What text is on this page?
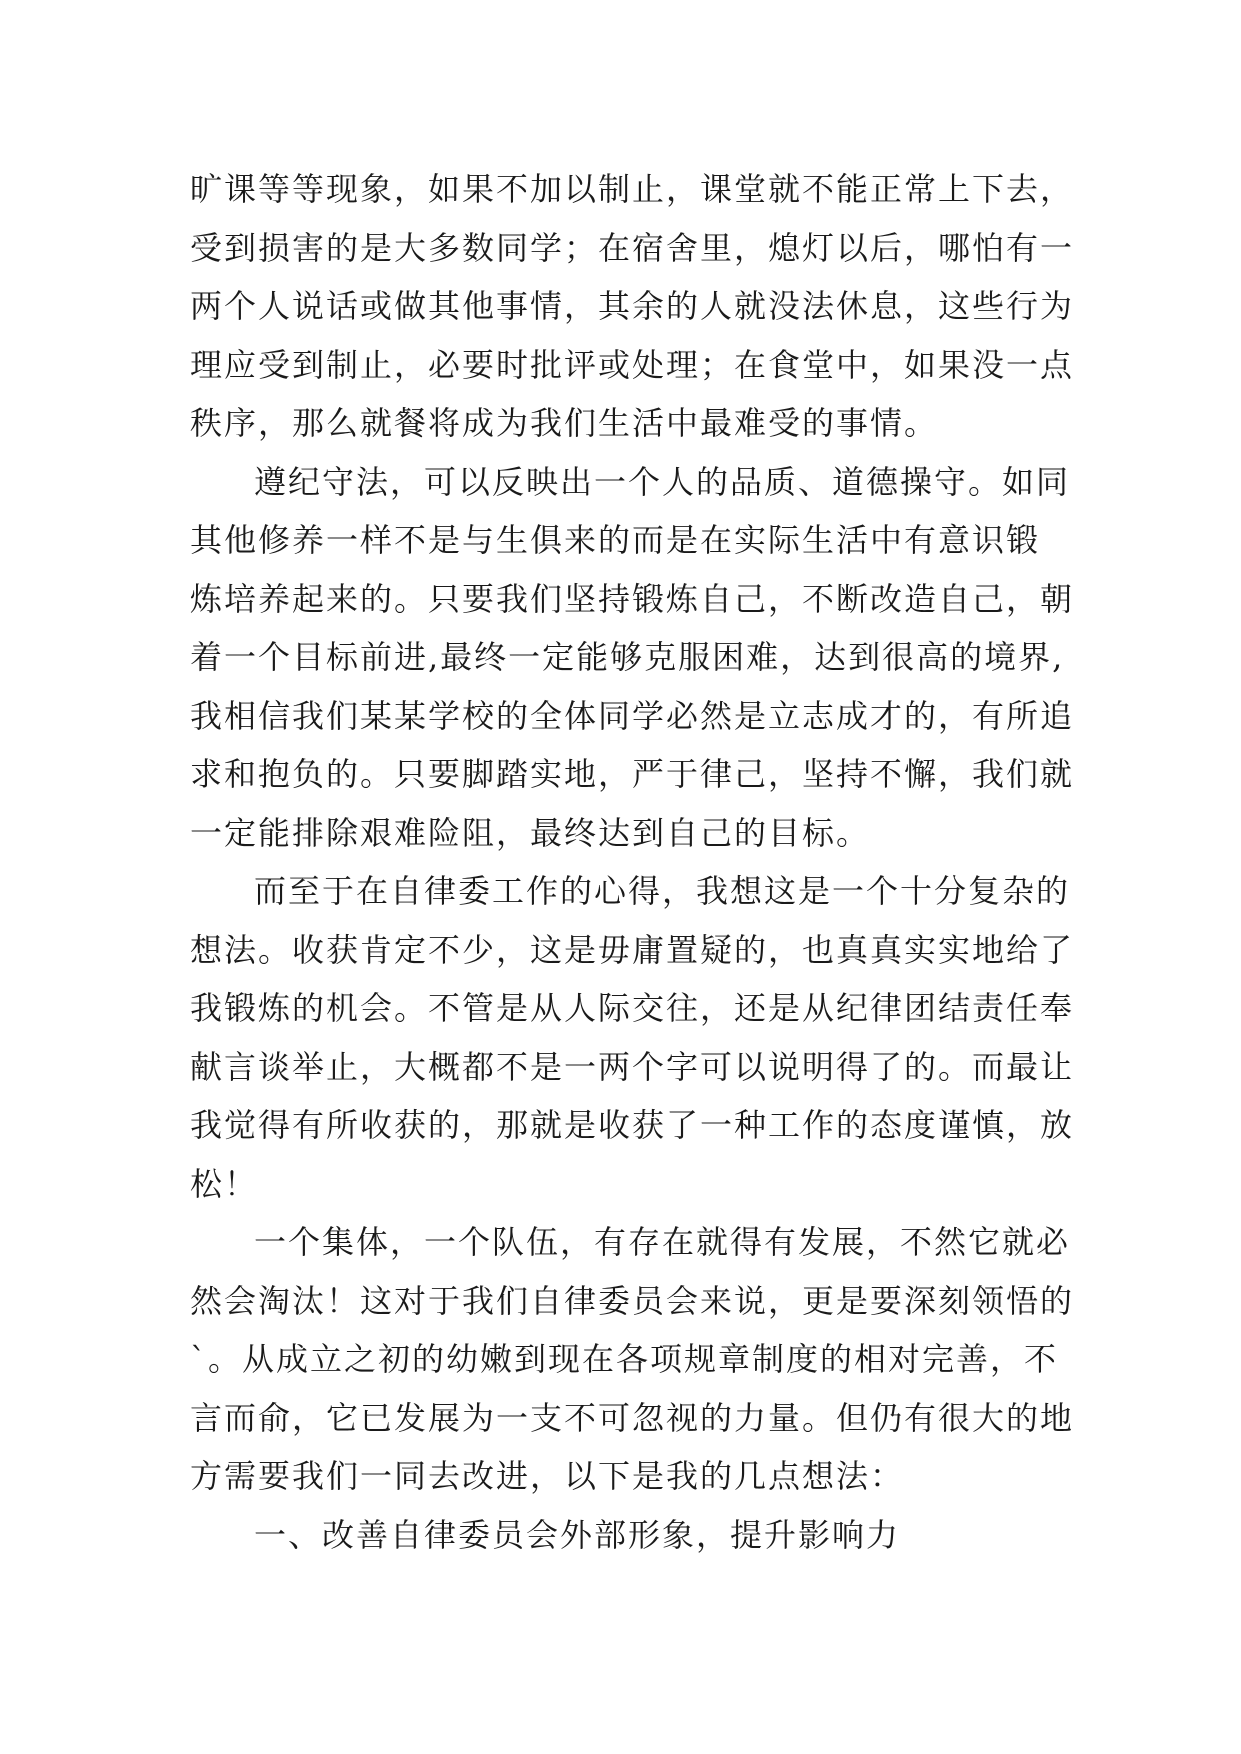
旷课等等现象，如果不加以制止，课堂就不能正常上下去，
受到损害的是大多数同学；在宿舍里，熄灯以后，哪怕有一
两个人说话或做其他事情，其余的人就没法休息，这些行为
理应受到制止，必要时批评或处理；在食堂中，如果没一点
秩序，那么就餐将成为我们生活中最难受的事情。
遵纪守法，可以反映出一个人的品质、道德操守。如同
其他修养一样不是与生俱来的而是在实际生活中有意识锻
炼培养起来的。只要我们坚持锻炼自己，不断改造自己，朝
着一个目标前进,最终一定能够克服困难，达到很高的境界,
我相信我们某某学校的全体同学必然是立志成才的，有所追
求和抱负的。只要脚踏实地，严于律己，坚持不懈，我们就
一定能排除艰难险阻，最终达到自己的目标。
而至于在自律委工作的心得，我想这是一个十分复杂的
想法。收获肯定不少，这是毋庸置疑的，也真真实实地给了
我锻炼的机会。不管是从人际交往，还是从纪律团结责任奉
献言谈举止，大概都不是一两个字可以说明得了的。而最让
我觉得有所收获的，那就是收获了一种工作的态度谨慎，放
松！
一个集体，一个队伍，有存在就得有发展，不然它就必
然会淘汰！这对于我们自律委员会来说，更是要深刻领悟的
`。从成立之初的幼嫩到现在各项规章制度的相对完善，不
言而俞，它已发展为一支不可忽视的力量。但仍有很大的地
方需要我们一同去改进，以下是我的几点想法：
一、改善自律委员会外部形象，提升影响力
